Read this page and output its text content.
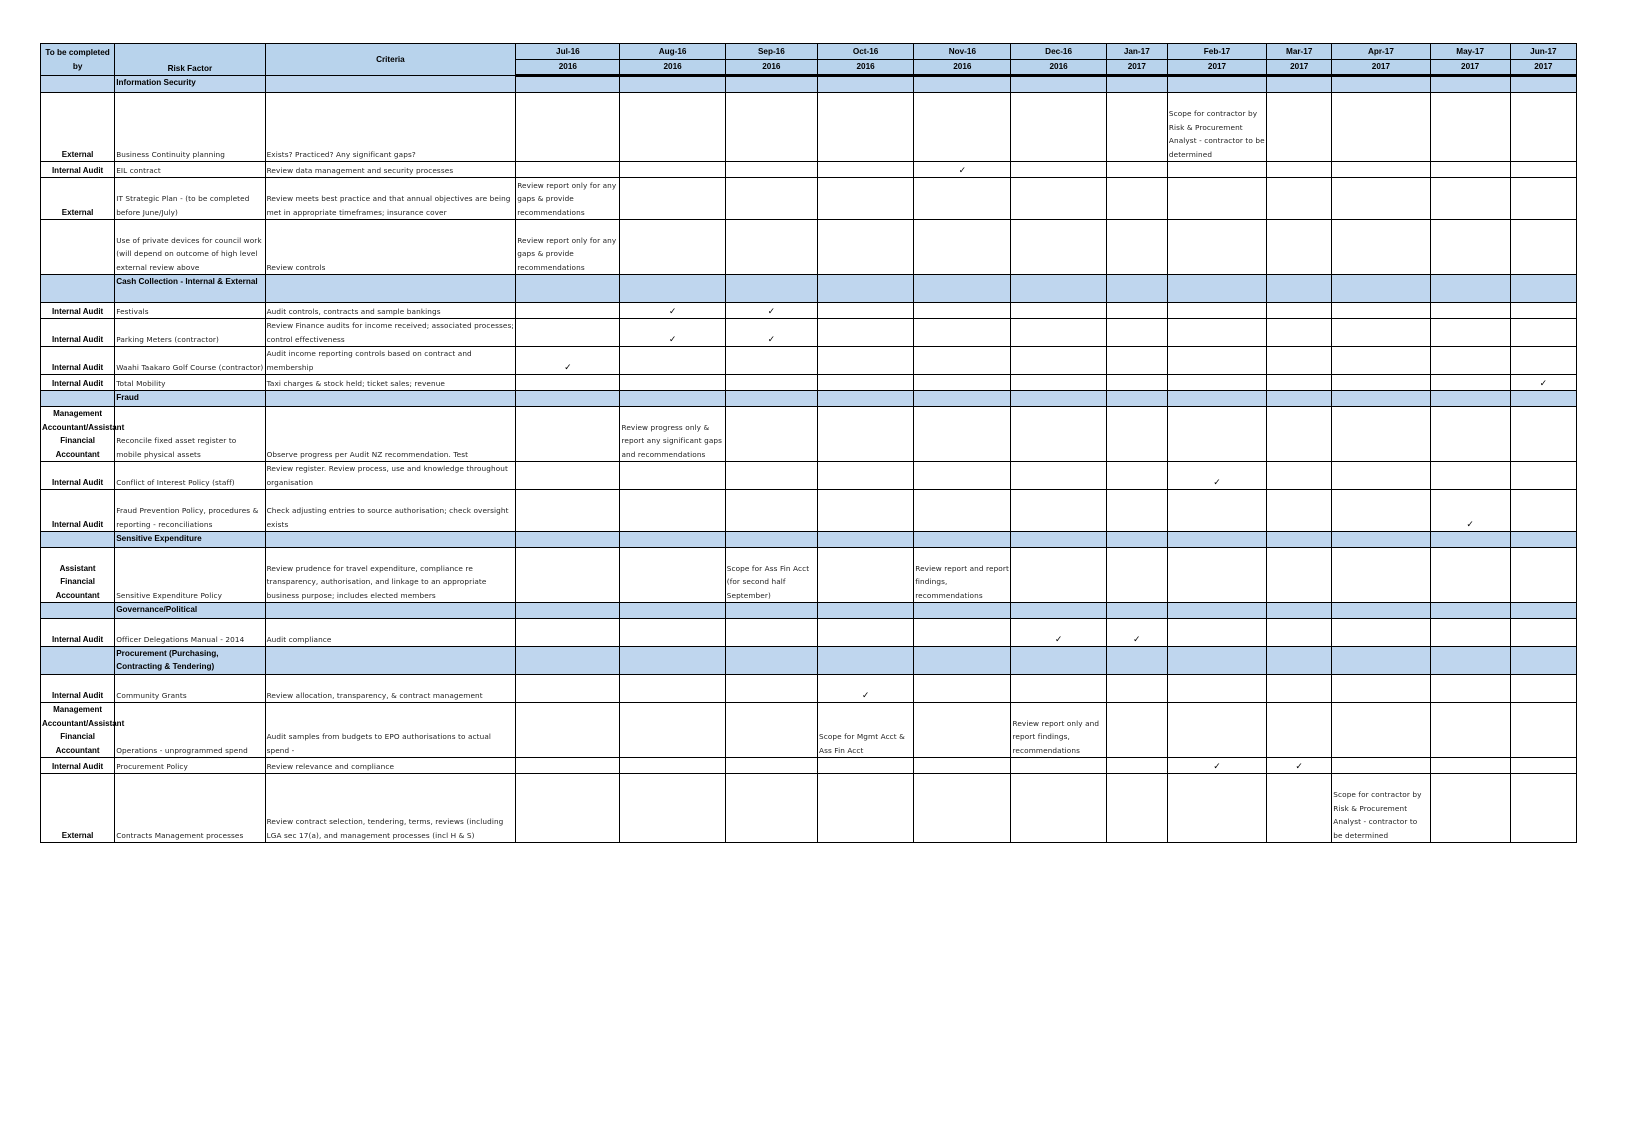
To be completed by	Risk Factor	Criteria	Jul-16	Aug-16	Sep-16	Oct-16	Nov-16	Dec-16	Jan-17	Feb-17	Mar-17	Apr-17	May-17	Jun-17
			2016	2016	2016	2016	2016	2016	2017	2017	2017	2017	2017	2017
	Information Security													
External	Business Continuity planning	Exists? Practiced? Any significant gaps?								Scope for contractor by Risk & Procurement Analyst - contractor to be determined				
Internal Audit	EIL contract	Review data management and security processes					✓							
External	IT Strategic Plan - (to be completed before June/July)	Review meets best practice and that annual objectives are being met in appropriate timeframes; insurance cover	Review report only for any gaps & provide recommendations											
	Use of private devices for council work (will depend on outcome of high level external review above	Review controls	Review report only for any gaps & provide recommendations											
	Cash Collection - Internal & External													
Internal Audit	Festivals	Audit controls, contracts and sample bankings		✓	✓									
Internal Audit	Parking Meters (contractor)	Review Finance audits for income received; associated processes; control effectiveness		✓	✓									
Internal Audit	Waahi Taakaro Golf Course (contractor)	Audit income reporting controls based on contract and membership	✓											
Internal Audit	Total Mobility	Taxi charges & stock held; ticket sales; revenue												✓
	Fraud													
Management Accountant/Assistant Financial Accountant	Reconcile fixed asset register to mobile physical assets	Observe progress per Audit NZ recommendation. Test		Review progress only & report any significant gaps and recommendations										
Internal Audit	Conflict of Interest Policy (staff)	Review register. Review process, use and knowledge throughout organisation								✓				
Internal Audit	Fraud Prevention Policy, procedures & reporting - reconciliations	Check adjusting entries to source authorisation; check oversight exists											✓	
	Sensitive Expenditure													
Assistant Financial Accountant	Sensitive Expenditure Policy	Review prudence for travel expenditure, compliance re transparency, authorisation, and linkage to an appropriate business purpose; includes elected members			Scope for Ass Fin Acct (for second half September)		Review report and report findings, recommendations							
	Governance/Political													
Internal Audit	Officer Delegations Manual - 2014	Audit compliance						✓	✓					
	Procurement (Purchasing, Contracting & Tendering)													
Internal Audit	Community Grants	Review allocation, transparency, & contract management				✓								
Management Accountant/Assistant Financial Accountant	Operations - unprogrammed spend	Audit samples from budgets to EPO authorisations to actual spend -				Scope for Mgmt Acct & Ass Fin Acct		Review report only and report findings, recommendations						
Internal Audit	Procurement Policy	Review relevance and compliance								✓	✓			
External	Contracts Management processes	Review contract selection, tendering, terms, reviews (including LGA sec 17(a), and management processes (incl H & S)										Scope for contractor by Risk & Procurement Analyst - contractor to be determined		
